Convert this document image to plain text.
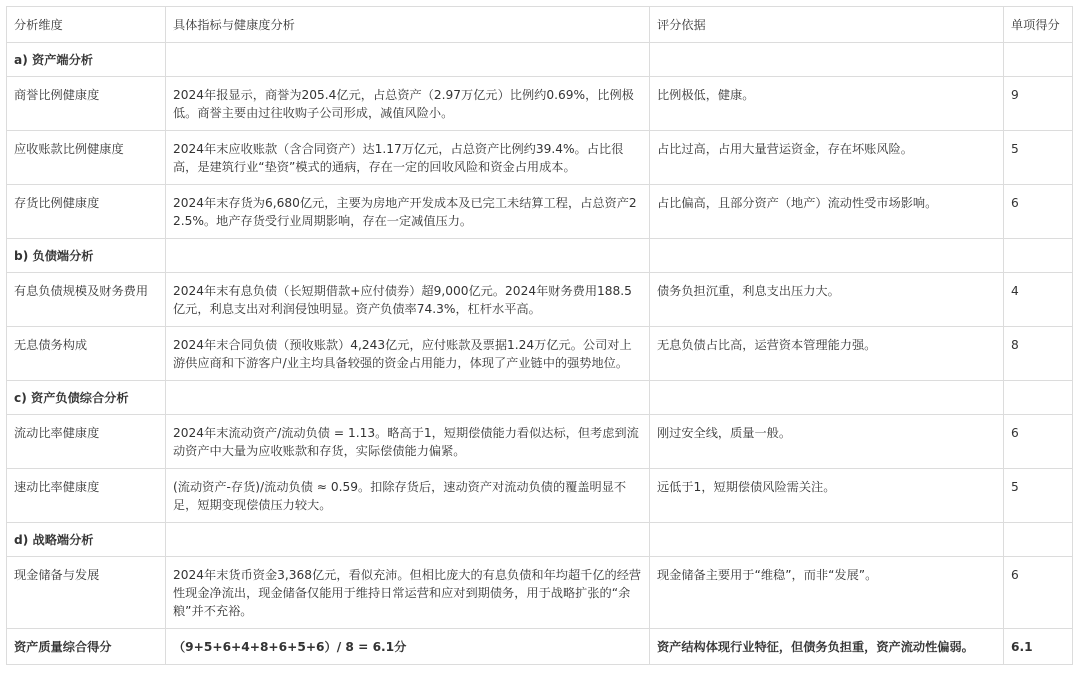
分析维度	具体指标与健康度分析	评分依据	单项得分
a) 资产端分析			
商誉比例健康度	2024年报显示，商誉为205.4亿元，占总资产（2.97万亿元）比例约0.69%，比例极低。商誉主要由过往收购子公司形成，减值风险小。	比例极低，健康。	9
应收账款比例健康度	2024年末应收账款（含合同资产）达1.17万亿元，占总资产比例约39.4%。占比很高，是建筑行业“垫资”模式的通病，存在一定的回收风险和资金占用成本。	占比过高，占用大量营运资金，存在坏账风险。	5
存货比例健康度	2024年末存货为6,680亿元，主要为房地产开发成本及已完工未结算工程，占总资产22.5%。地产存货受行业周期影响，存在一定减值压力。	占比偏高，且部分资产（地产）流动性受市场影响。	6
b) 负债端分析			
有息负债规模及财务费用	2024年末有息负债（长短期借款+应付债券）超9,000亿元。2024年财务费用188.5亿元，利息支出对利润侵蚀明显。资产负债率74.3%，杠杆水平高。	债务负担沉重，利息支出压力大。	4
无息债务构成	2024年末合同负债（预收账款）4,243亿元，应付账款及票据1.24万亿元。公司对上游供应商和下游客户/业主均具备较强的资金占用能力，体现了产业链中的强势地位。	无息负债占比高，运营资本管理能力强。	8
c) 资产负债综合分析			
流动比率健康度	2024年末流动资产/流动负债 = 1.13。略高于1，短期偿债能力看似达标，但考虑到流动资产中大量为应收账款和存货，实际偿债能力偏紧。	刚过安全线，质量一般。	6
速动比率健康度	(流动资产-存货)/流动负债 ≈ 0.59。扣除存货后，速动资产对流动负债的覆盖明显不足，短期变现偿债压力较大。	远低于1，短期偿债风险需关注。	5
d) 战略端分析			
现金储备与发展	2024年末货币资金3,368亿元，看似充沛。但相比庞大的有息负债和年均超千亿的经营性现金净流出，现金储备仅能用于维持日常运营和应对到期债务，用于战略扩张的“余粮”并不充裕。	现金储备主要用于“维稳”，而非“发展”。	6
资产质量综合得分	（9+5+6+4+8+6+5+6）/ 8 = 6.1分	资产结构体现行业特征，但债务负担重，资产流动性偏弱。	6.1
